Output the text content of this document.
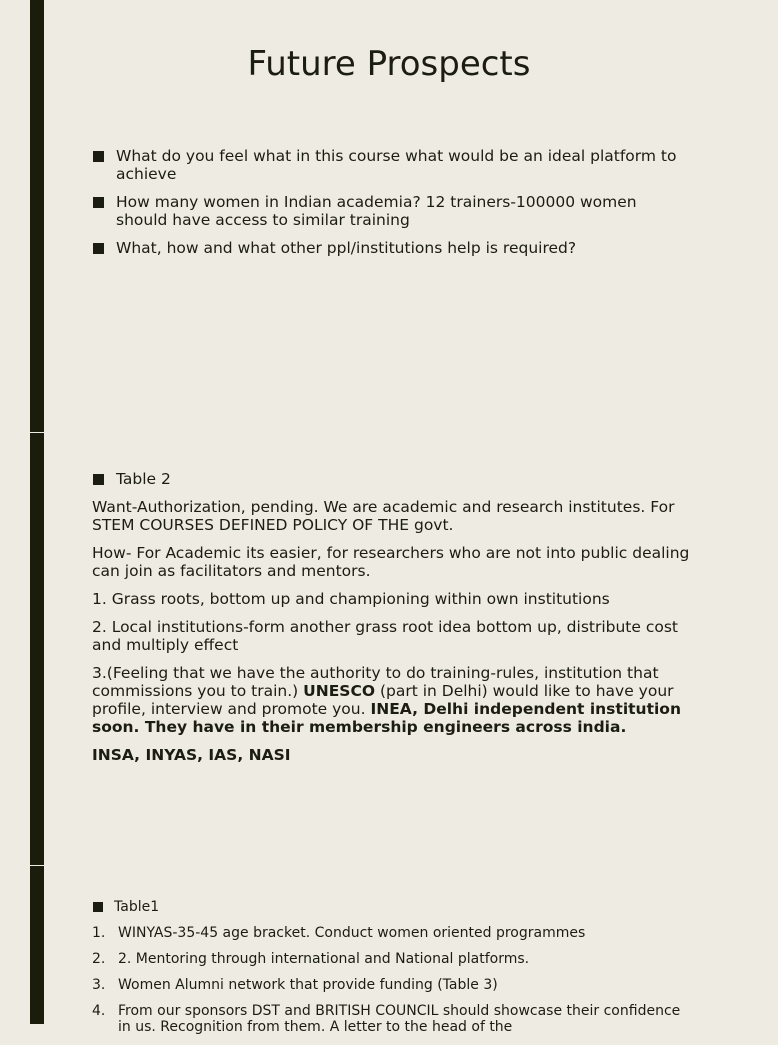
Future Prospects
What do you feel what in this course what would be an ideal platform to achieve
How many women in Indian academia? 12 trainers-100000 women should have access to similar training
What, how and what other ppl/institutions help is required?

Table 2

Want-Authorization, pending. We are academic and research institutes. For STEM COURSES DEFINED POLICY OF THE govt.

How- For Academic its easier, for researchers who are not into public dealing can join as facilitators and mentors.

1. Grass roots, bottom up and championing within own institutions

2. Local institutions-form another grass root idea bottom up, distribute cost and multiply effect

3.(Feeling that we have the authority to do training-rules, institution that commissions you to train.) UNESCO (part in Delhi) would like to have your profile, interview and promote you. INEA, Delhi independent institution soon. They have in their membership engineers across india.

INSA, INYAS, IAS, NASI

Table1
1. WINYAS-35-45 age bracket. Conduct women oriented programmes
2. 2. Mentoring through international and National platforms.
3. Women Alumni network that provide funding (Table 3)
4. From our sponsors DST and BRITISH COUNCIL should showcase their confidence in us. Recognition from them. A letter to the head of the
